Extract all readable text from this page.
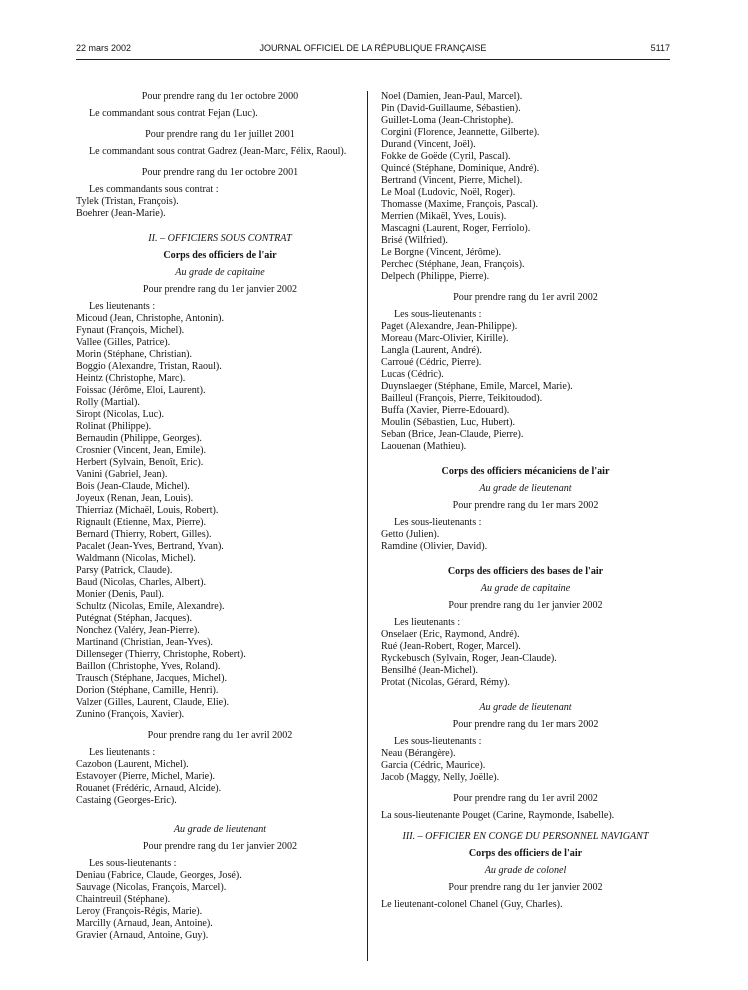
22 mars 2002	JOURNAL OFFICIEL DE LA RÉPUBLIQUE FRANÇAISE	5117
Pour prendre rang du 1er octobre 2000
Le commandant sous contrat Fejan (Luc).
Pour prendre rang du 1er juillet 2001
Le commandant sous contrat Gadrez (Jean-Marc, Félix, Raoul).
Pour prendre rang du 1er octobre 2001
Les commandants sous contrat :
Tylek (Tristan, François).
Boehrer (Jean-Marie).
II. – OFFICIERS SOUS CONTRAT
Corps des officiers de l'air
Au grade de capitaine
Pour prendre rang du 1er janvier 2002
Les lieutenants :
Micoud (Jean, Christophe, Antonin).
Fynaut (François, Michel).
Vallee (Gilles, Patrice).
Morin (Stéphane, Christian).
Boggio (Alexandre, Tristan, Raoul).
Heintz (Christophe, Marc).
Foissac (Jérôme, Eloi, Laurent).
Rolly (Martial).
Siropt (Nicolas, Luc).
Rolinat (Philippe).
Bernaudin (Philippe, Georges).
Crosnier (Vincent, Jean, Emile).
Herbert (Sylvain, Benoît, Eric).
Vanini (Gabriel, Jean).
Bois (Jean-Claude, Michel).
Joyeux (Renan, Jean, Louis).
Thierriaz (Michaël, Louis, Robert).
Rignault (Etienne, Max, Pierre).
Bernard (Thierry, Robert, Gilles).
Pacalet (Jean-Yves, Bertrand, Yvan).
Waldmann (Nicolas, Michel).
Parsy (Patrick, Claude).
Baud (Nicolas, Charles, Albert).
Monier (Denis, Paul).
Schultz (Nicolas, Emile, Alexandre).
Putégnat (Stéphan, Jacques).
Nonchez (Valéry, Jean-Pierre).
Martinand (Christian, Jean-Yves).
Dillenseger (Thierry, Christophe, Robert).
Baillon (Christophe, Yves, Roland).
Trausch (Stéphane, Jacques, Michel).
Dorion (Stéphane, Camille, Henri).
Valzer (Gilles, Laurent, Claude, Elie).
Zunino (François, Xavier).
Pour prendre rang du 1er avril 2002
Les lieutenants :
Cazobon (Laurent, Michel).
Estavoyer (Pierre, Michel, Marie).
Rouanet (Frédéric, Arnaud, Alcide).
Castaing (Georges-Eric).
Au grade de lieutenant
Pour prendre rang du 1er janvier 2002
Les sous-lieutenants :
Deniau (Fabrice, Claude, Georges, José).
Sauvage (Nicolas, François, Marcel).
Chaintreuil (Stéphane).
Leroy (François-Régis, Marie).
Marcilly (Arnaud, Jean, Antoine).
Gravier (Arnaud, Antoine, Guy).
Noel (Damien, Jean-Paul, Marcel).
Pin (David-Guillaume, Sébastien).
Guillet-Loma (Jean-Christophe).
Corgini (Florence, Jeannette, Gilberte).
Durand (Vincent, Joël).
Fokke de Goëde (Cyril, Pascal).
Quincé (Stéphane, Dominique, André).
Bertrand (Vincent, Pierre, Michel).
Le Moal (Ludovic, Noël, Roger).
Thomasse (Maxime, François, Pascal).
Merrien (Mikaël, Yves, Louis).
Mascagni (Laurent, Roger, Ferriolo).
Brisé (Wilfried).
Le Borgne (Vincent, Jérôme).
Perchec (Stéphane, Jean, François).
Delpech (Philippe, Pierre).
Pour prendre rang du 1er avril 2002
Les sous-lieutenants :
Paget (Alexandre, Jean-Philippe).
Moreau (Marc-Olivier, Kirille).
Langla (Laurent, André).
Carroué (Cédric, Pierre).
Lucas (Cédric).
Duynslaeger (Stéphane, Emile, Marcel, Marie).
Bailleul (François, Pierre, Teikitoudod).
Buffa (Xavier, Pierre-Edouard).
Moulin (Sébastien, Luc, Hubert).
Seban (Brice, Jean-Claude, Pierre).
Laouenan (Mathieu).
Corps des officiers mécaniciens de l'air
Au grade de lieutenant
Pour prendre rang du 1er mars 2002
Les sous-lieutenants :
Getto (Julien).
Ramdine (Olivier, David).
Corps des officiers des bases de l'air
Au grade de capitaine
Pour prendre rang du 1er janvier 2002
Les lieutenants :
Onselaer (Eric, Raymond, André).
Rué (Jean-Robert, Roger, Marcel).
Ryckebusch (Sylvain, Roger, Jean-Claude).
Bensilhé (Jean-Michel).
Protat (Nicolas, Gérard, Rémy).
Au grade de lieutenant
Pour prendre rang du 1er mars 2002
Les sous-lieutenants :
Neau (Bérangère).
Garcia (Cédric, Maurice).
Jacob (Maggy, Nelly, Joëlle).
Pour prendre rang du 1er avril 2002
La sous-lieutenante Pouget (Carine, Raymonde, Isabelle).
III. – OFFICIER EN CONGÉ DU PERSONNEL NAVIGANT
Corps des officiers de l'air
Au grade de colonel
Pour prendre rang du 1er janvier 2002
Le lieutenant-colonel Chanel (Guy, Charles).
